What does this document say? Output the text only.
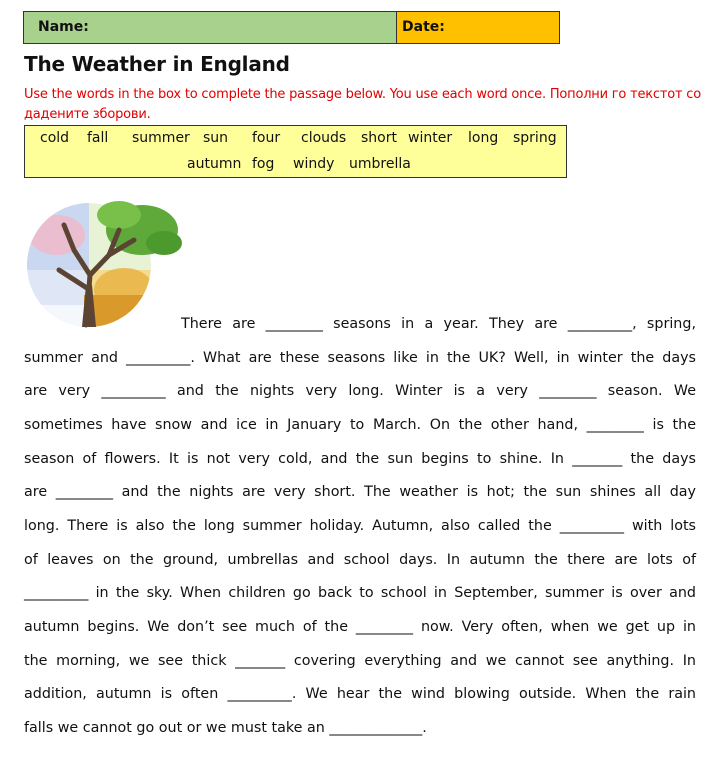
Name:	Date:
The Weather in England
Use the words in the box to complete the passage below. You use each word once. Пополни го текстот со дадените зборови.
cold fall summer sun four clouds short winter long spring
autumn fog windy umbrella
There are ________ seasons in a year. They are _________, spring,
summer and _________. What are these seasons like in the UK? Well, in winter the days
are very _________ and the nights very long. Winter is a very ________ season. We
sometimes have snow and ice in January to March. On the other hand, ________ is the
season of flowers. It is not very cold, and the sun begins to shine. In _______ the days
are ________ and the nights are very short. The weather is hot; the sun shines all day
long. There is also the long summer holiday. Autumn, also called the _________ with lots
of leaves on the ground, umbrellas and school days. In autumn the there are lots of
_________ in the sky. When children go back to school in September, summer is over and
autumn begins. We don’t see much of the ________ now. Very often, when we get up in
the morning, we see thick _______ covering everything and we cannot see anything. In
addition, autumn is often _________. We hear the wind blowing outside. When the rain
falls we cannot go out or we must take an _____________.
